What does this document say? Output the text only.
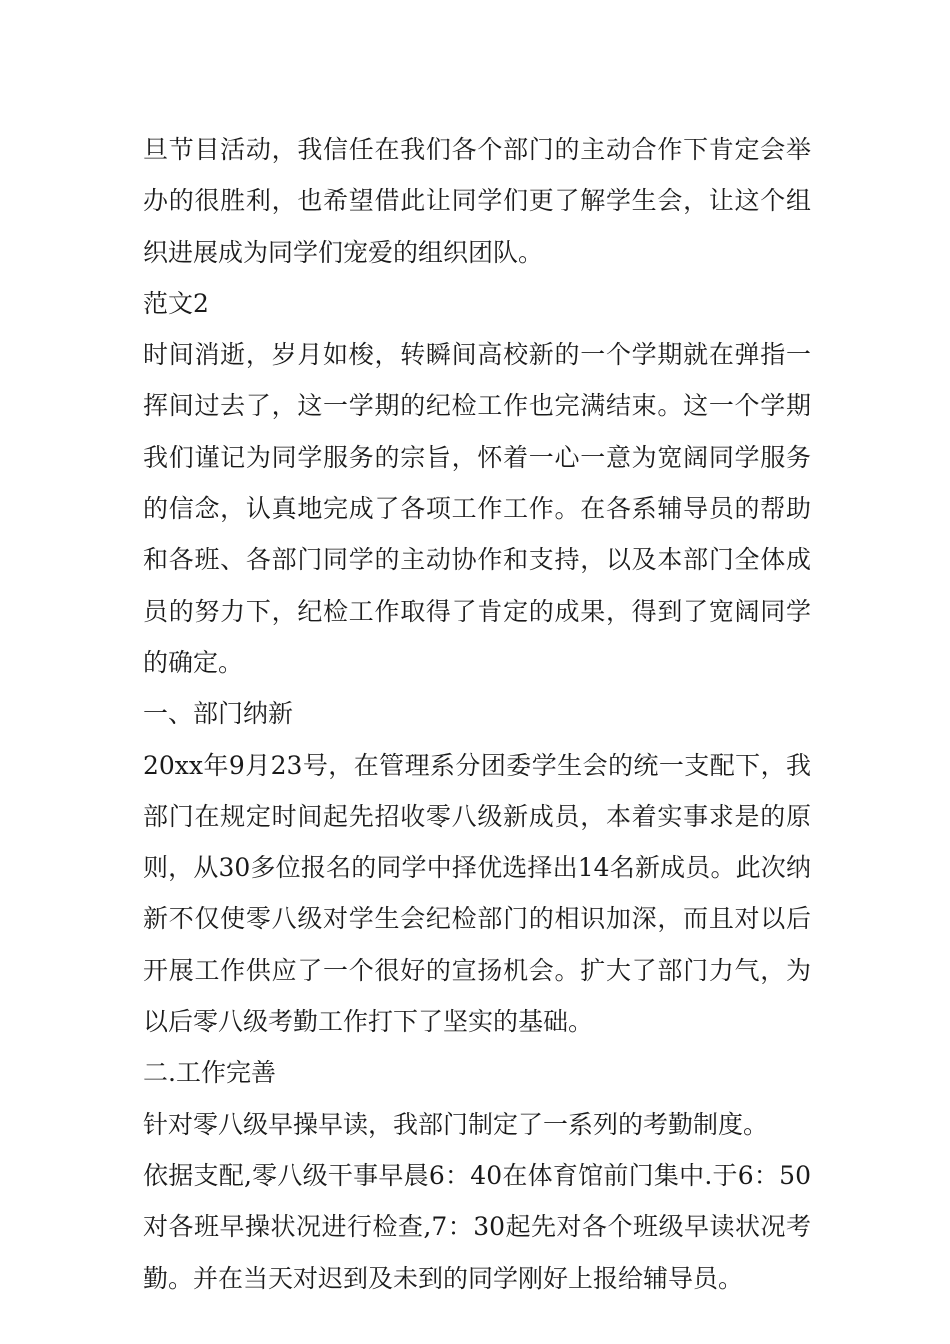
旦节目活动，我信任在我们各个部门的主动合作下肯定会举办的很胜利，也希望借此让同学们更了解学生会，让这个组织进展成为同学们宠爱的组织团队。

范文2

时间消逝，岁月如梭，转瞬间高校新的一个学期就在弹指一挥间过去了，这一学期的纪检工作也完满结束。这一个学期我们谨记为同学服务的宗旨，怀着一心一意为宽阔同学服务的信念，认真地完成了各项工作工作。在各系辅导员的帮助和各班、各部门同学的主动协作和支持，以及本部门全体成员的努力下，纪检工作取得了肯定的成果，得到了宽阔同学的确定。

一、部门纳新

20xx年9月23号，在管理系分团委学生会的统一支配下，我部门在规定时间起先招收零八级新成员，本着实事求是的原则，从30多位报名的同学中择优选择出14名新成员。此次纳新不仅使零八级对学生会纪检部门的相识加深，而且对以后开展工作供应了一个很好的宣扬机会。扩大了部门力气，为以后零八级考勤工作打下了坚实的基础。

二.工作完善

针对零八级早操早读，我部门制定了一系列的考勤制度。

依据支配,零八级干事早晨6：40在体育馆前门集中.于6：50对各班早操状况进行检查,7：30起先对各个班级早读状况考勤。并在当天对迟到及未到的同学刚好上报给辅导员。
